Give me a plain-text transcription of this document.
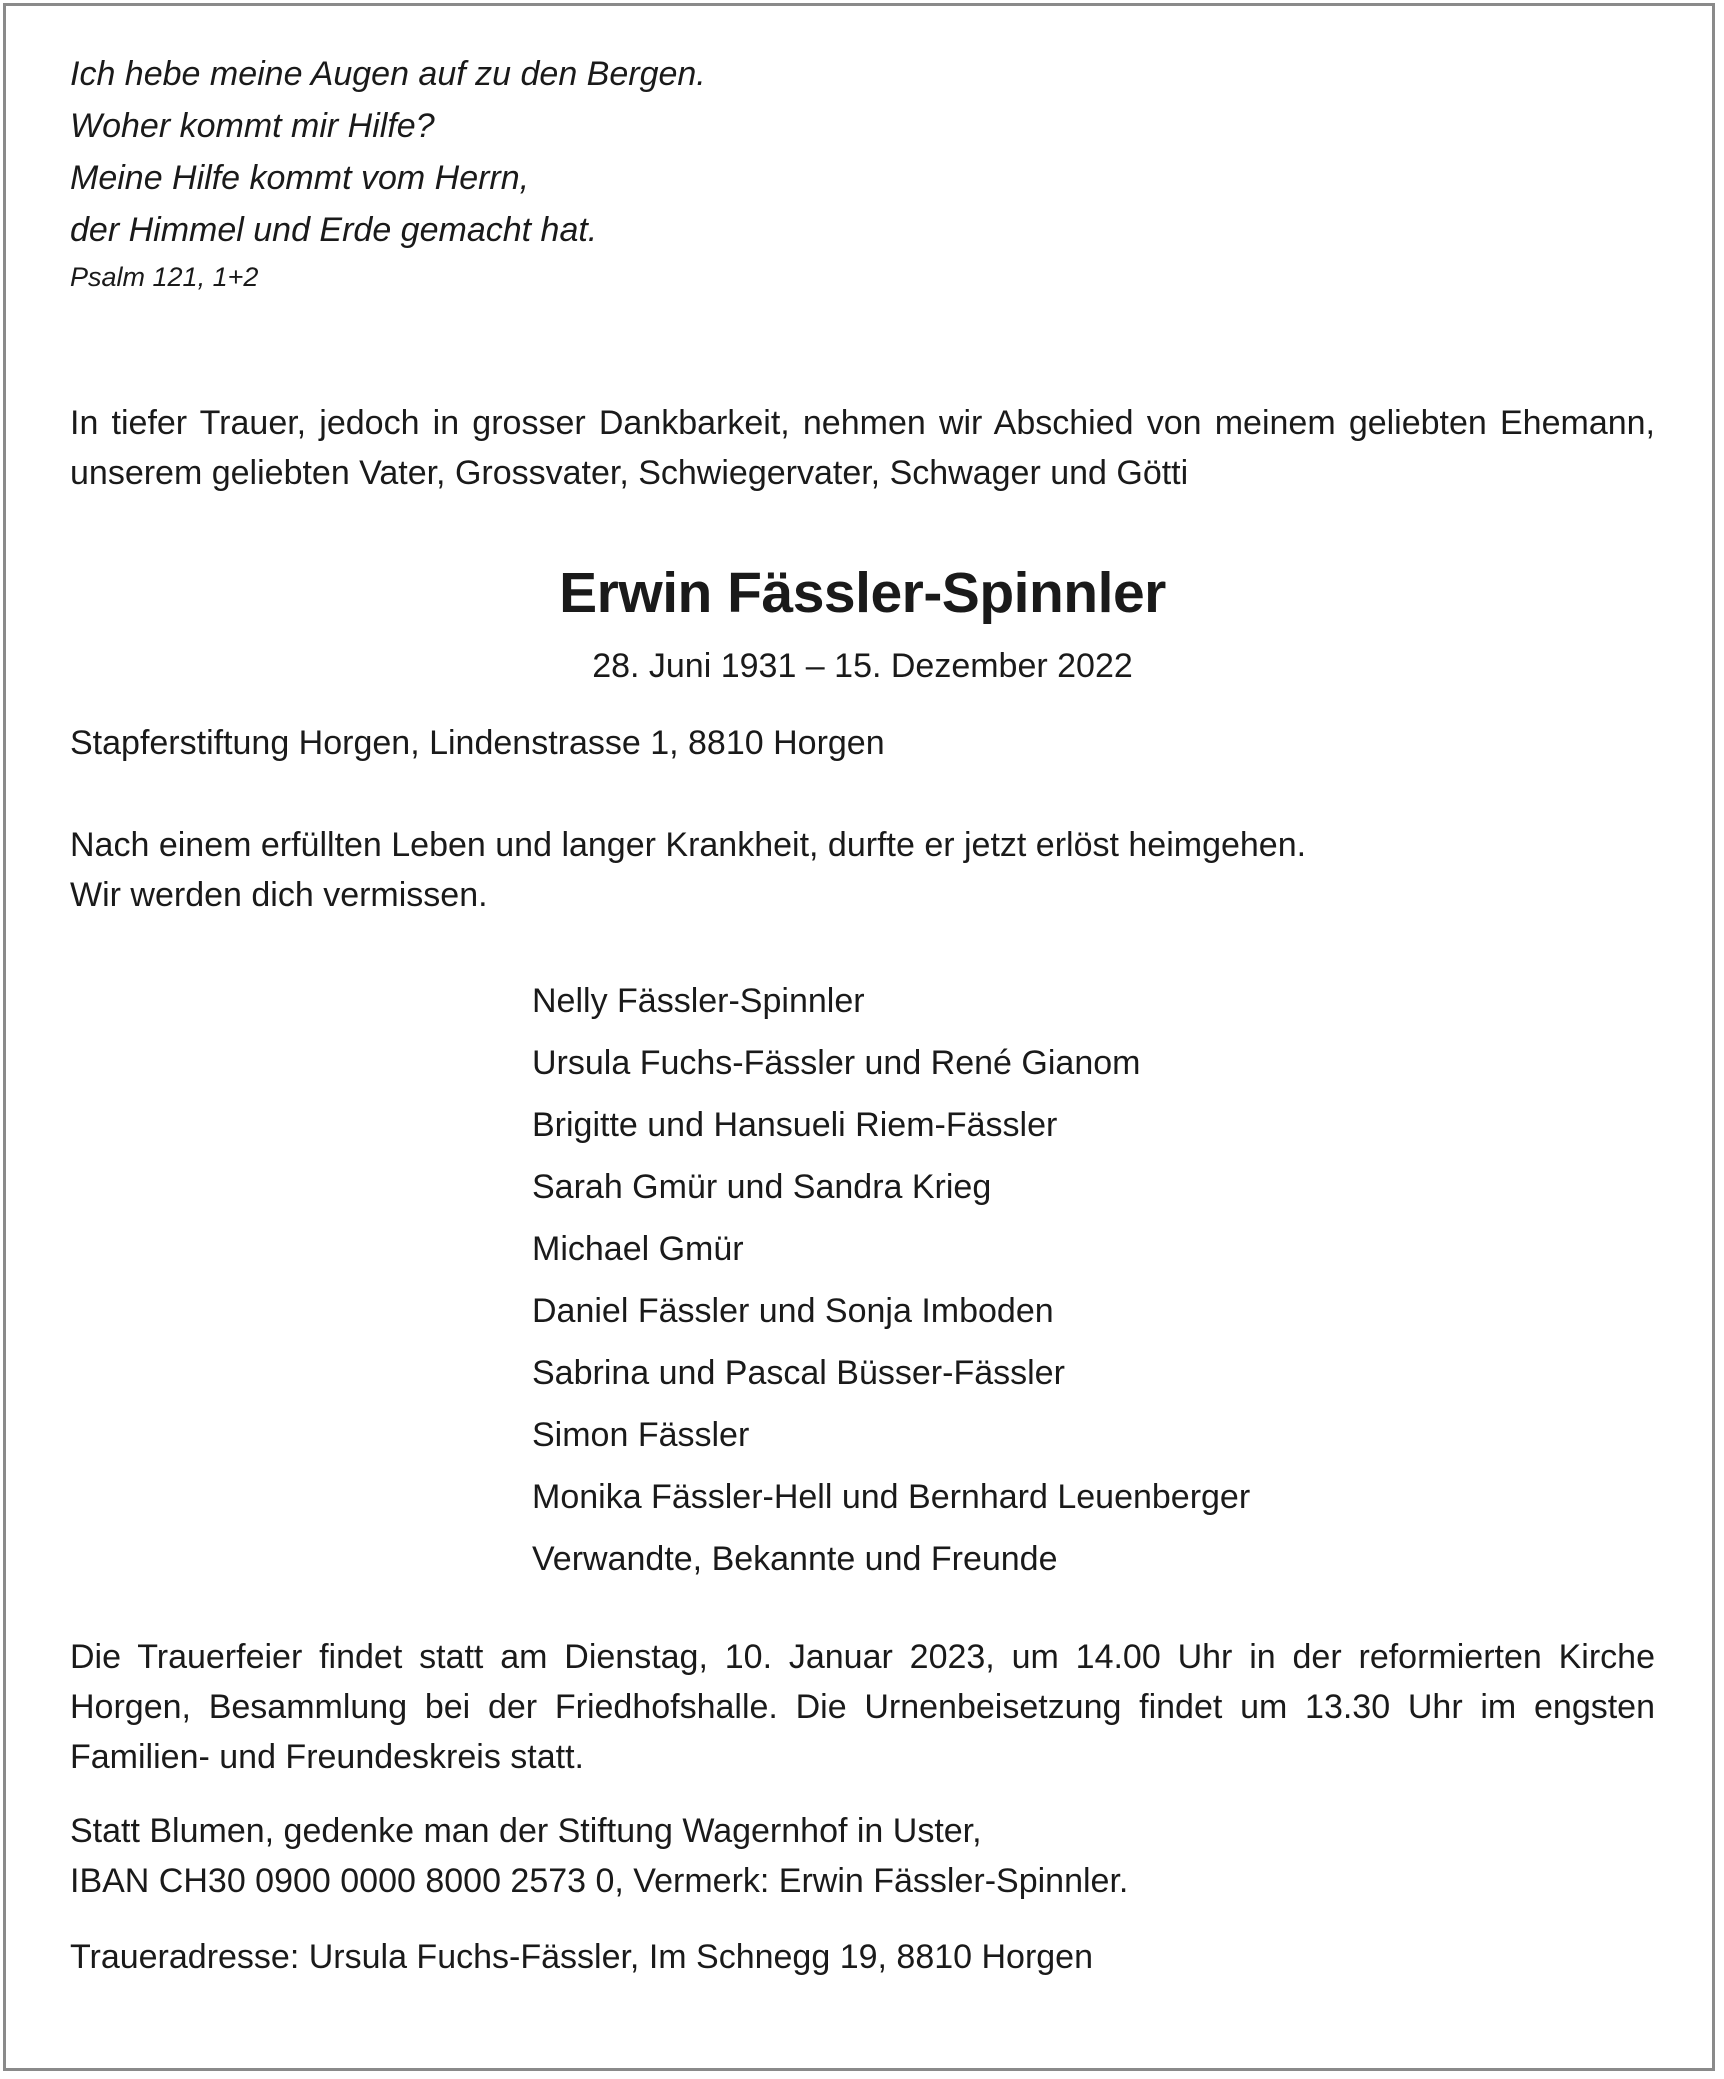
Ich hebe meine Augen auf zu den Bergen.
Woher kommt mir Hilfe?
Meine Hilfe kommt vom Herrn,
der Himmel und Erde gemacht hat.
Psalm 121, 1+2
In tiefer Trauer, jedoch in grosser Dankbarkeit, nehmen wir Abschied von meinem geliebten Ehemann, unserem geliebten Vater, Grossvater, Schwiegervater, Schwager und Götti
Erwin Fässler-Spinnler
28. Juni 1931 – 15. Dezember 2022
Stapferstiftung Horgen, Lindenstrasse 1, 8810 Horgen
Nach einem erfüllten Leben und langer Krankheit, durfte er jetzt erlöst heimgehen.
Wir werden dich vermissen.
Nelly Fässler-Spinnler
Ursula Fuchs-Fässler und René Gianom
Brigitte und Hansueli Riem-Fässler
Sarah Gmür und Sandra Krieg
Michael Gmür
Daniel Fässler und Sonja Imboden
Sabrina und Pascal Büsser-Fässler
Simon Fässler
Monika Fässler-Hell und Bernhard Leuenberger
Verwandte, Bekannte und Freunde
Die Trauerfeier findet statt am Dienstag, 10. Januar 2023, um 14.00 Uhr in der reformierten Kirche Horgen, Besammlung bei der Friedhofshalle. Die Urnenbeisetzung findet um 13.30 Uhr im engsten Familien- und Freundeskreis statt.
Statt Blumen, gedenke man der Stiftung Wagernhof in Uster,
IBAN CH30 0900 0000 8000 2573 0, Vermerk: Erwin Fässler-Spinnler.
Traueradresse: Ursula Fuchs-Fässler, Im Schnegg 19, 8810 Horgen
